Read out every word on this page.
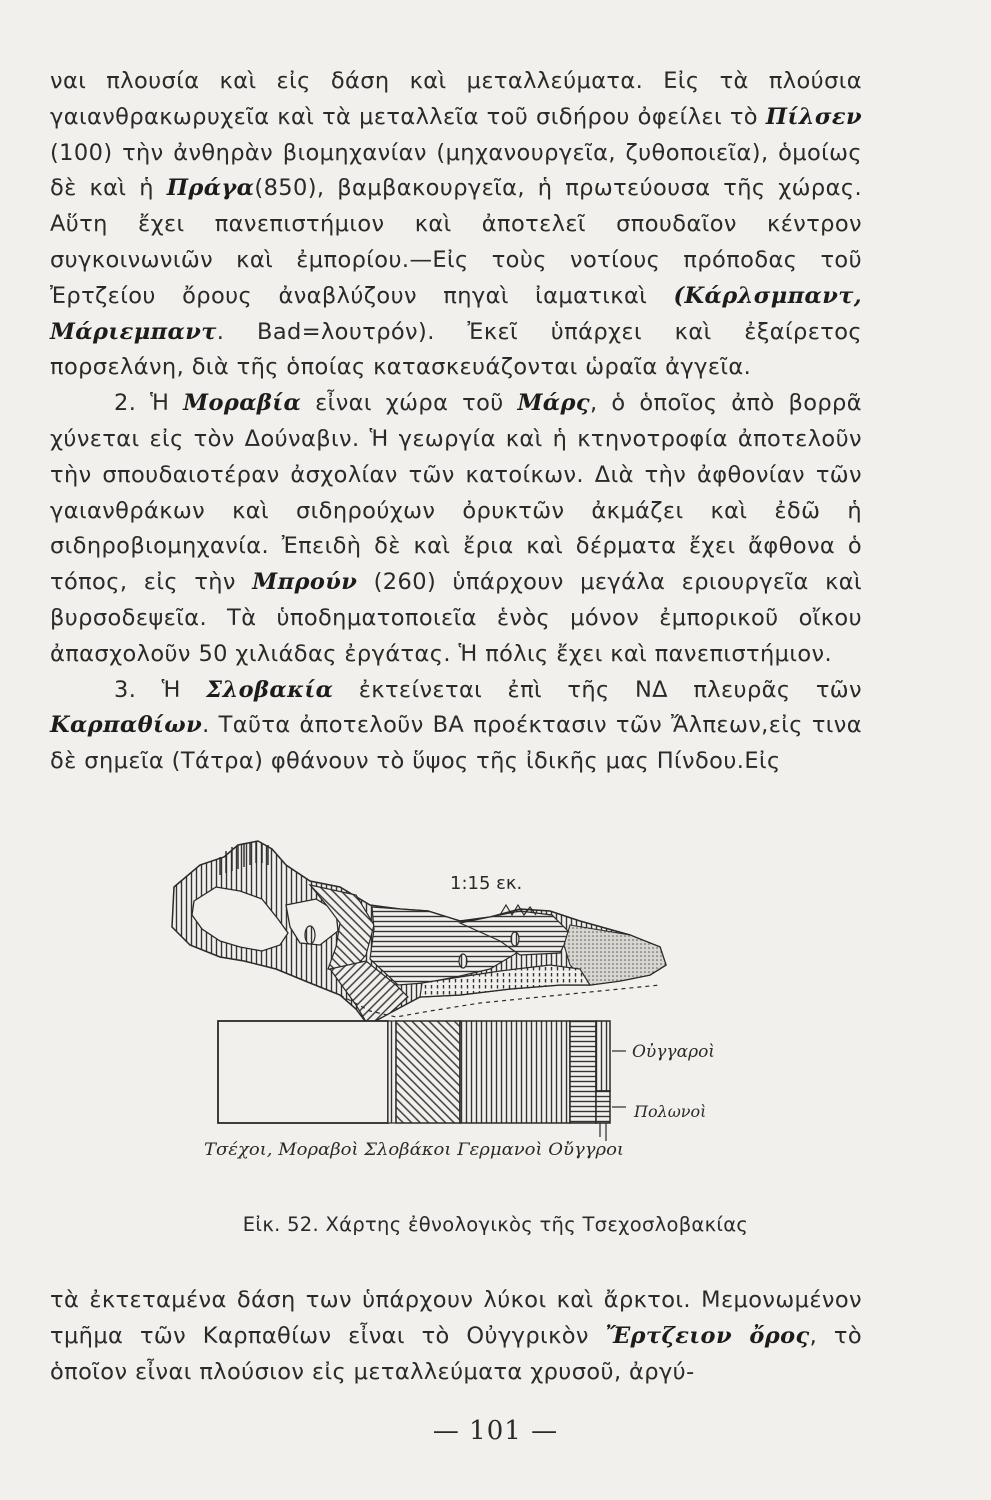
ναι πλουσία καὶ εἰς δάση καὶ μεταλλεύματα. Εἰς τὰ πλούσια γαιανθρακωρυχεῖα καὶ τὰ μεταλλεῖα τοῦ σιδήρου ὀφείλει τὸ Πίλσεν (100) τὴν ἀνθηρὰν βιομηχανίαν (μηχανουργεῖα, ζυθοποιεῖα), ὁμοίως δὲ καὶ ἡ Πράγα(850), βαμβακουργεῖα, ἡ πρωτεύουσα τῆς χώρας. Αὕτη ἔχει πανεπιστήμιον καὶ ἀποτελεῖ σπουδαῖον κέντρον συγκοινωνιῶν καὶ ἐμπορίου.—Εἰς τοὺς νοτίους πρόποδας τοῦ Ἐρτζείου ὄρους ἀναβλύζουν πηγαὶ ἰαματικαὶ (Κάρλσμπαντ, Μάριεμπαντ. Bad=λουτρόν). Ἐκεῖ ὑπάρχει καὶ ἐξαίρετος πορσελάνη, διὰ τῆς ὁποίας κατασκευάζονται ὡραῖα ἀγγεῖα.

2. Ἡ Μοραβία εἶναι χώρα τοῦ Μάρς, ὁ ὁποῖος ἀπὸ βορρᾶ χύνεται εἰς τὸν Δούναβιν. Ἡ γεωργία καὶ ἡ κτηνοτροφία ἀποτελοῦν τὴν σπουδαιοτέραν ἀσχολίαν τῶν κατοίκων. Διὰ τὴν ἀφθονίαν τῶν γαιανθράκων καὶ σιδηρούχων ὀρυκτῶν ἀκμάζει καὶ ἐδῶ ἡ σιδηροβιομηχανία. Ἐπειδὴ δὲ καὶ ἔρια καὶ δέρματα ἔχει ἄφθονα ὁ τόπος, εἰς τὴν Μπρούν (260) ὑπάρχουν μεγάλα εριουργεῖα καὶ βυρσοδεψεῖα. Τὰ ὑποδηματοποιεῖα ἑνὸς μόνον ἐμπορικοῦ οἴκου ἀπασχολοῦν 50 χιλιάδας ἐργάτας. Ἡ πόλις ἔχει καὶ πανεπιστήμιον.

3. Ἡ Σλοβακία ἐκτείνεται ἐπὶ τῆς ΝΔ πλευρᾶς τῶν Καρπαθίων. Ταῦτα ἀποτελοῦν ΒΑ προέκτασιν τῶν Ἄλπεων,εἰς τινα δὲ σημεῖα (Τάτρα) φθάνουν τὸ ὕψος τῆς ἰδικῆς μας Πίνδου.Εἰς

1:15 εκ.
Οὐγγαροὶ
Πολωνοὶ
Τσέχοι, Μοραβοὶ Σλοβάκοι Γερμανοὶ Οὔγγροι
Εἰκ. 52. Χάρτης ἐθνολογικὸς τῆς Τσεχοσλοβακίας

τὰ ἐκτεταμένα δάση των ὑπάρχουν λύκοι καὶ ἄρκτοι. Μεμονωμένον τμῆμα τῶν Καρπαθίων εἶναι τὸ Οὐγγρικὸν Ἔρτζειον ὄρος, τὸ ὁποῖον εἶναι πλούσιον εἰς μεταλλεύματα χρυσοῦ, ἀργύ-

— 101 —
